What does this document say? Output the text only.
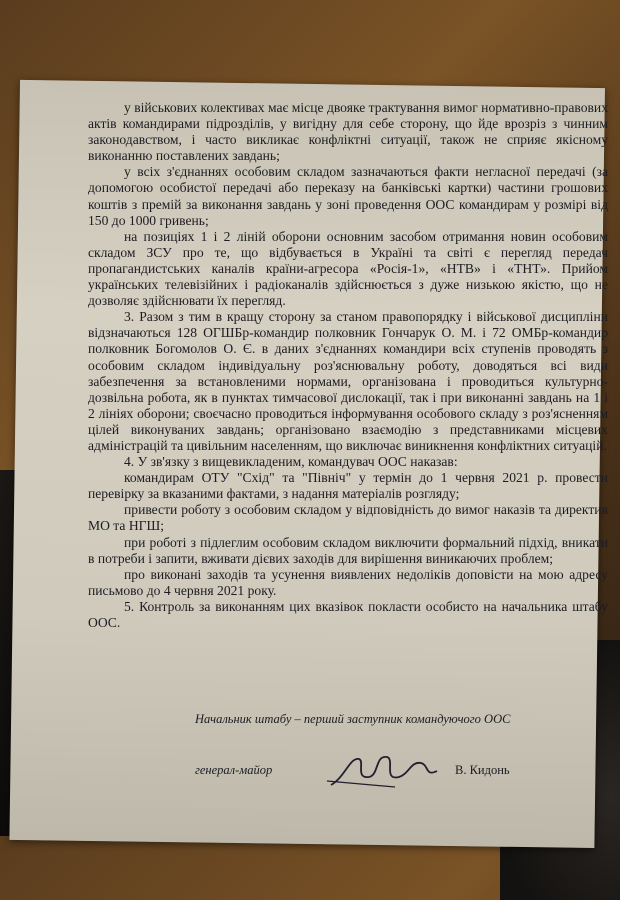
у військових колективах має місце двояке трактування вимог нормативно-правових актів командирами підрозділів, у вигідну для себе сторону, що йде врозріз з чинним законодавством, і часто викликає конфліктні ситуації, також не сприяє якісному виконанню поставлених завдань;

у всіх з'єднаннях особовим складом зазначаються факти негласної передачі (за допомогою особистої передачі або переказу на банківські картки) частини грошових коштів з премій за виконання завдань у зоні проведення ООС командирам у розмірі від 150 до 1000 гривень;

на позиціях 1 і 2 ліній оборони основним засобом отримання новин особовим складом ЗСУ про те, що відбувається в Україні та світі є перегляд передач пропагандистських каналів країни-агресора «Росія-1», «НТВ» і «ТНТ». Прийом українських телевізійних і радіоканалів здійснюється з дуже низькою якістю, що не дозволяє здійснювати їх перегляд.

3. Разом з тим в кращу сторону за станом правопорядку і військової дисципліни відзначаються 128 ОГШБр-командир полковник Гончарук О. М. і 72 ОМБр-командир полковник Богомолов О. Є. в даних з'єднаннях командири всіх ступенів проводять з особовим складом індивідуальну роз'яснювальну роботу, доводяться всі види забезпечення за встановленими нормами, організована і проводиться культурно-дозвільна робота, як в пунктах тимчасової дислокації, так і при виконанні завдань на 1 і 2 лініях оборони; своєчасно проводиться інформування особового складу з роз'ясненням цілей виконуваних завдань; організовано взаємодію з представниками місцевих адміністрацій та цивільним населенням, що виключає виникнення конфліктних ситуацій.

4. У зв'язку з вищевикладеним, командувач ООС наказав:

командирам ОТУ "Схід" та "Північ" у термін до 1 червня 2021 р. провести перевірку за вказаними фактами, з надання матеріалів розгляду;

привести роботу з особовим складом у відповідність до вимог наказів та директив МО та НГШ;

при роботі з підлеглим особовим складом виключити формальний підхід, вникати в потреби і запити, вживати дієвих заходів для вирішення виникаючих проблем;

про виконані заходів та усунення виявлених недоліків доповісти на мою адресу письмово до 4 червня 2021 року.

5. Контроль за виконанням цих вказівок покласти особисто на начальника штабу ООС.

Начальник штабу – перший заступник командуючого ООС

генерал-майор	В. Кидонь
